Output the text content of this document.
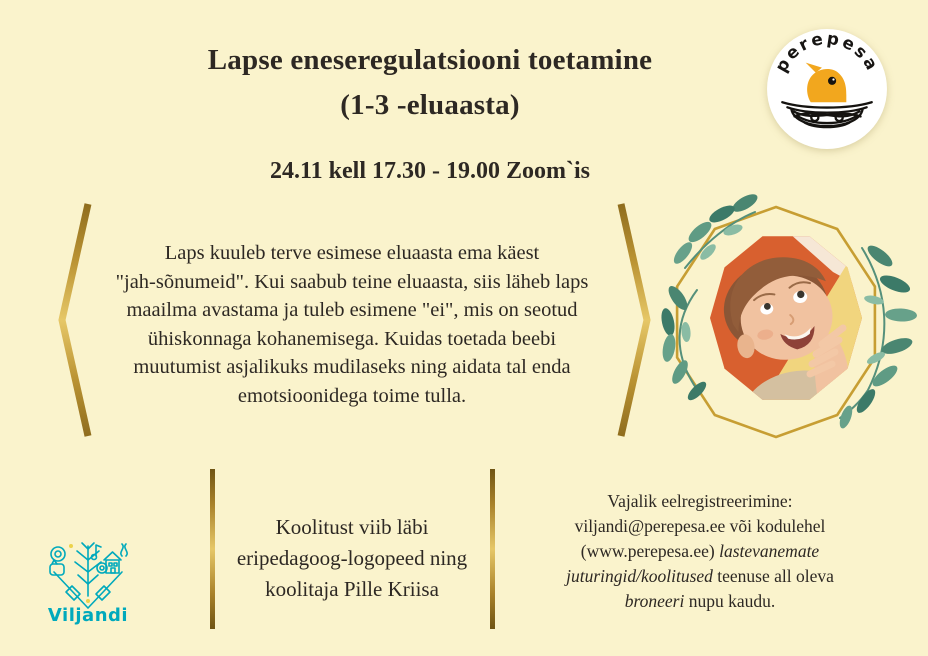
Lapse eneseregulatsiooni toetamine
(1-3 -eluaasta)
24.11 kell 17.30 - 19.00 Zoom`is
perepesa
Laps kuuleb terve esimese eluaasta ema käest
"jah-sõnumeid". Kui saabub teine eluaasta, siis läheb laps
maailma avastama ja tuleb esimene "ei", mis on seotud
ühiskonnaga kohanemisega. Kuidas toetada beebi
muutumist asjalikuks mudilaseks ning aidata tal enda
emotsioonidega toime tulla.
Koolitust viib läbi
eripedagoog-logopeed ning
koolitaja Pille Kriisa
Vajalik eelregistreerimine:
viljandi@perepesa.ee või kodulehel
(www.perepesa.ee) lastevanemate
juturingid/koolitused teenuse all oleva
broneeri nupu kaudu.
Viljandi
